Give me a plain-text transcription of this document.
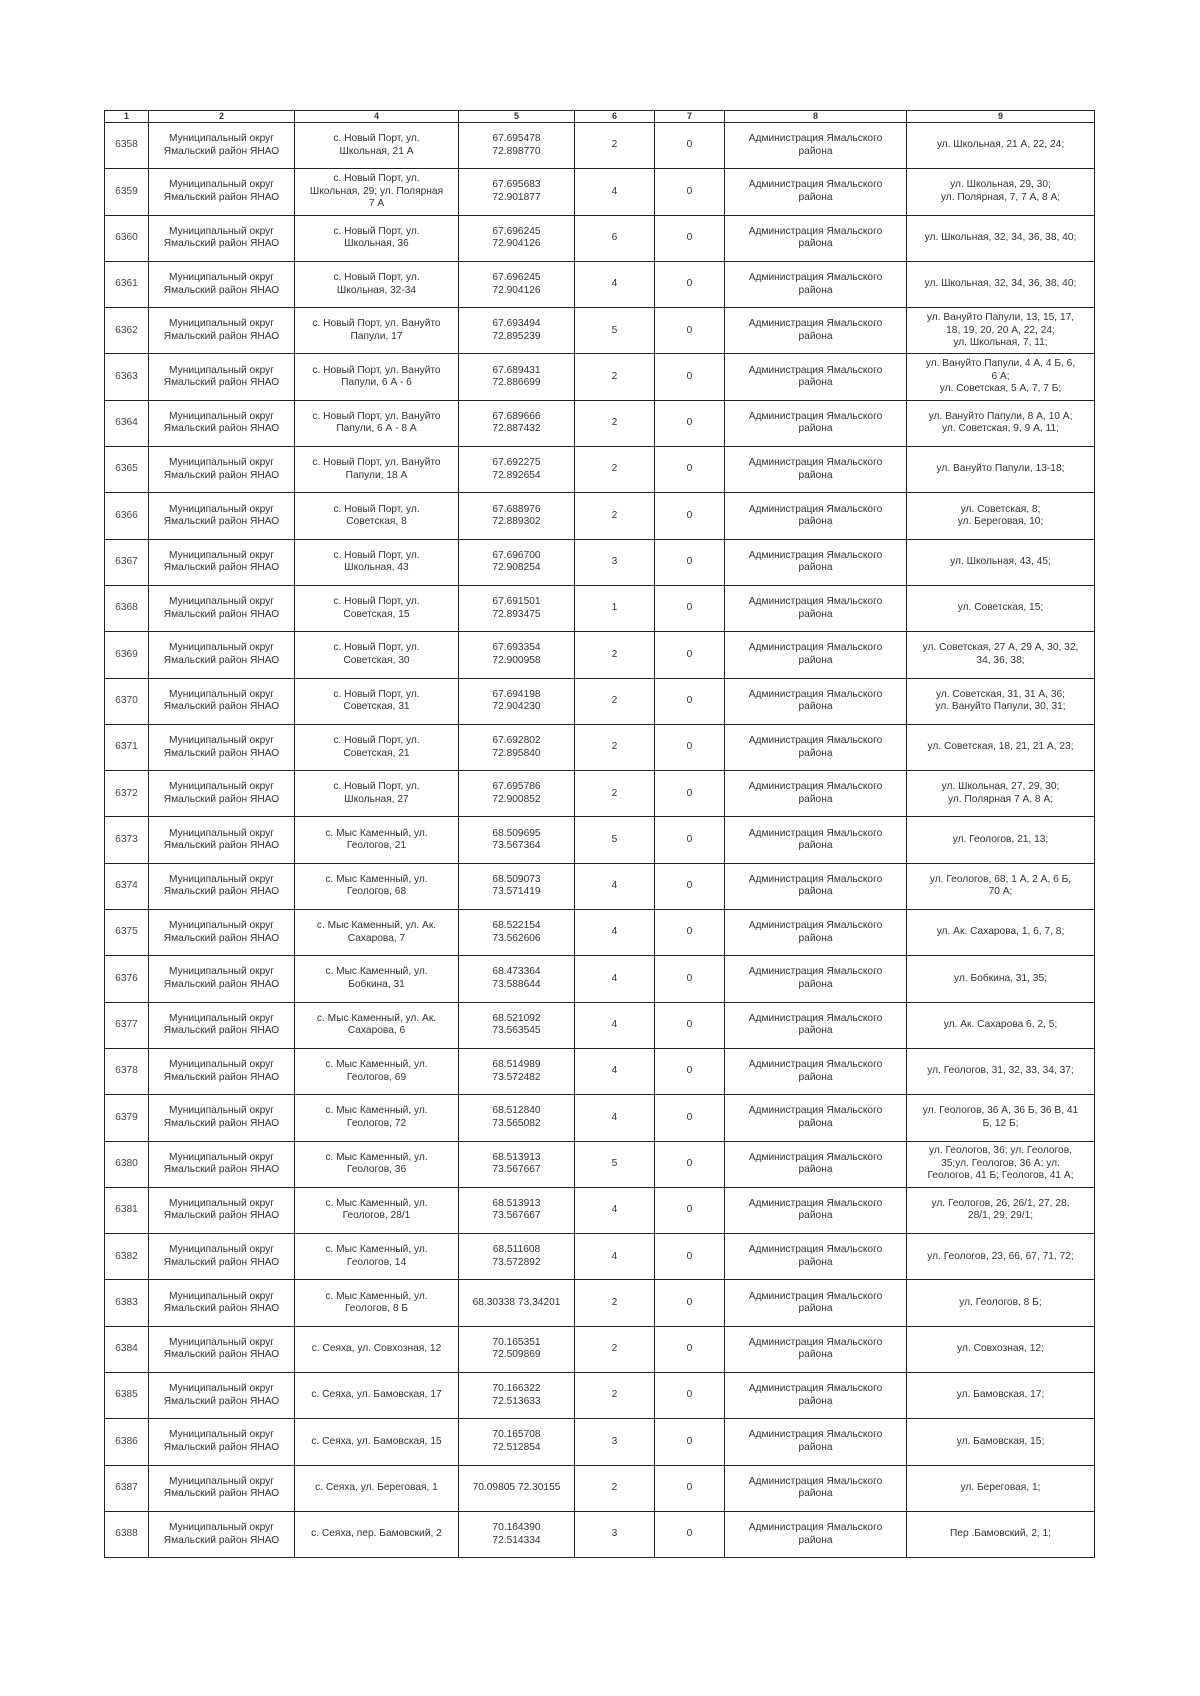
1	2	4	5	6	7	8	9
6358	Муниципальный округ
Ямальский район ЯНАО	с. Новый Порт, ул.
Школьная, 21 А	67.695478
72.898770	2	0	Администрация Ямальского
района	ул. Школьная, 21 А, 22, 24;
6359	Муниципальный округ
Ямальский район ЯНАО	с. Новый Порт, ул.
Школьная, 29; ул. Полярная
7 А	67.695683
72.901877	4	0	Администрация Ямальского
района	ул. Школьная, 29, 30;
ул. Полярная, 7, 7 А, 8 А;
6360	Муниципальный округ
Ямальский район ЯНАО	с. Новый Порт, ул.
Школьная, 36	67.696245
72.904126	6	0	Администрация Ямальского
района	ул. Школьная, 32, 34, 36, 38, 40;
6361	Муниципальный округ
Ямальский район ЯНАО	с. Новый Порт, ул.
Школьная, 32-34	67.696245
72.904126	4	0	Администрация Ямальского
района	ул. Школьная, 32, 34, 36, 38, 40;
6362	Муниципальный округ
Ямальский район ЯНАО	с. Новый Порт, ул. Вануйто
Папули, 17	67.693494
72.895239	5	0	Администрация Ямальского
района	ул. Вануйто Папули, 13, 15, 17,
18, 19, 20, 20 А, 22, 24;
ул. Школьная, 7, 11;
6363	Муниципальный округ
Ямальский район ЯНАО	с. Новый Порт, ул. Вануйто
Папули, 6 А - 6	67.689431
72.886699	2	0	Администрация Ямальского
района	ул. Вануйто Папули, 4 А, 4 Б, 6,
6 А;
ул. Советская, 5 А, 7, 7 Б;
6364	Муниципальный округ
Ямальский район ЯНАО	с. Новый Порт, ул. Вануйто
Папули, 6 А - 8 А	67.689666
72.887432	2	0	Администрация Ямальского
района	ул. Вануйто Папули, 8 А, 10 А;
ул. Советская, 9, 9 А, 11;
6365	Муниципальный округ
Ямальский район ЯНАО	с. Новый Порт, ул. Вануйто
Папули, 18 А	67.692275
72.892654	2	0	Администрация Ямальского
района	ул. Вануйто Папули, 13-18;
6366	Муниципальный округ
Ямальский район ЯНАО	с. Новый Порт, ул.
Советская, 8	67.688976
72.889302	2	0	Администрация Ямальского
района	ул. Советская, 8;
ул. Береговая, 10;
6367	Муниципальный округ
Ямальский район ЯНАО	с. Новый Порт, ул.
Школьная, 43	67.696700
72.908254	3	0	Администрация Ямальского
района	ул. Школьная, 43, 45;
6368	Муниципальный округ
Ямальский район ЯНАО	с. Новый Порт, ул.
Советская, 15	67.691501
72.893475	1	0	Администрация Ямальского
района	ул. Советская, 15;
6369	Муниципальный округ
Ямальский район ЯНАО	с. Новый Порт, ул.
Советская, 30	67.693354
72.900958	2	0	Администрация Ямальского
района	ул. Советская, 27 А, 29 А, 30, 32,
34, 36, 38;
6370	Муниципальный округ
Ямальский район ЯНАО	с. Новый Порт, ул.
Советская, 31	67.694198
72.904230	2	0	Администрация Ямальского
района	ул. Советская, 31, 31 А, 36;
ул. Вануйто Папули, 30, 31;
6371	Муниципальный округ
Ямальский район ЯНАО	с. Новый Порт, ул.
Советская, 21	67.692802
72.895840	2	0	Администрация Ямальского
района	ул. Советская, 18, 21, 21 А, 23;
6372	Муниципальный округ
Ямальский район ЯНАО	с. Новый Порт, ул.
Школьная, 27	67.695786
72.900852	2	0	Администрация Ямальского
района	ул. Школьная, 27, 29, 30;
ул. Полярная 7 А, 8 А;
6373	Муниципальный округ
Ямальский район ЯНАО	с. Мыс Каменный, ул.
Геологов, 21	68.509695
73.567364	5	0	Администрация Ямальского
района	ул. Геологов, 21, 13;
6374	Муниципальный округ
Ямальский район ЯНАО	с. Мыс Каменный, ул.
Геологов, 68	68.509073
73.571419	4	0	Администрация Ямальского
района	ул. Геологов, 68, 1 А, 2 А, 6 Б,
70 А;
6375	Муниципальный округ
Ямальский район ЯНАО	с. Мыс Каменный, ул. Ак.
Сахарова, 7	68.522154
73.562606	4	0	Администрация Ямальского
района	ул. Ак. Сахарова, 1, 6, 7, 8;
6376	Муниципальный округ
Ямальский район ЯНАО	с. Мыс Каменный, ул.
Бобкина, 31	68.473364
73.588644	4	0	Администрация Ямальского
района	ул. Бобкина, 31, 35;
6377	Муниципальный округ
Ямальский район ЯНАО	с. Мыс Каменный, ул. Ак.
Сахарова, 6	68.521092
73.563545	4	0	Администрация Ямальского
района	ул. Ак. Сахарова 6, 2, 5;
6378	Муниципальный округ
Ямальский район ЯНАО	с. Мыс Каменный, ул.
Геологов, 69	68.514989
73.572482	4	0	Администрация Ямальского
района	ул. Геологов, 31, 32, 33, 34, 37;
6379	Муниципальный округ
Ямальский район ЯНАО	с. Мыс Каменный, ул.
Геологов, 72	68.512840
73.565082	4	0	Администрация Ямальского
района	ул. Геологов, 36 А, 36 Б, 36 В, 41
Б, 12 Б;
6380	Муниципальный округ
Ямальский район ЯНАО	с. Мыс Каменный, ул.
Геологов, 36	68.513913
73.567667	5	0	Администрация Ямальского
района	ул. Геологов, 36; ул. Геологов,
35;ул. Геологов, 36 А; ул.
Геологов, 41 Б; Геологов, 41 А;
6381	Муниципальный округ
Ямальский район ЯНАО	с. Мыс Каменный, ул.
Геологов, 28/1	68.513913
73.567667	4	0	Администрация Ямальского
района	ул. Геологов, 26, 26/1, 27, 28,
28/1, 29, 29/1;
6382	Муниципальный округ
Ямальский район ЯНАО	с. Мыс Каменный, ул.
Геологов, 14	68.511608
73.572892	4	0	Администрация Ямальского
района	ул. Геологов, 23, 66, 67, 71, 72;
6383	Муниципальный округ
Ямальский район ЯНАО	с. Мыс Каменный, ул.
Геологов, 8 Б	68.30338 73.34201	2	0	Администрация Ямальского
района	ул. Геологов, 8 Б;
6384	Муниципальный округ
Ямальский район ЯНАО	с. Сеяха, ул. Совхозная, 12	70.165351
72.509869	2	0	Администрация Ямальского
района	ул. Совхозная, 12;
6385	Муниципальный округ
Ямальский район ЯНАО	с. Сеяха, ул. Бамовская, 17	70.166322
72.513633	2	0	Администрация Ямальского
района	ул. Бамовская, 17;
6386	Муниципальный округ
Ямальский район ЯНАО	с. Сеяха, ул. Бамовская, 15	70.165708
72.512854	3	0	Администрация Ямальского
района	ул. Бамовская, 15;
6387	Муниципальный округ
Ямальский район ЯНАО	с. Сеяха, ул. Береговая, 1	70.09805 72.30155	2	0	Администрация Ямальского
района	ул. Береговая, 1;
6388	Муниципальный округ
Ямальский район ЯНАО	с. Сеяха, пер. Бамовский, 2	70.164390
72.514334	3	0	Администрация Ямальского
района	Пер .Бамовский, 2, 1;
